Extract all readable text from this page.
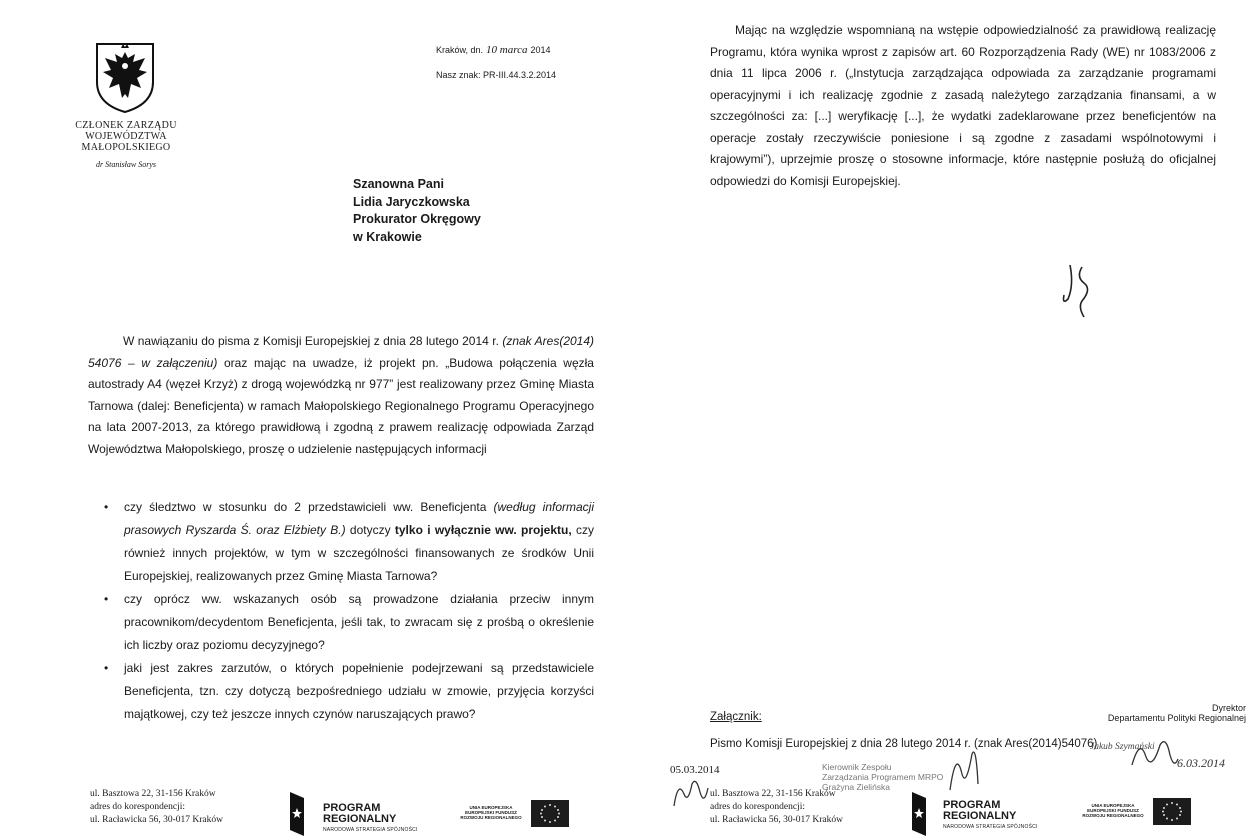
CZŁONEK ZARZĄDU
WOJEWÓDZTWA
MAŁOPOLSKIEGO
dr Stanisław Sorys
Kraków, dn. 10 marca 2014
Nasz znak: PR-III.44.3.2.2014
Szanowna Pani
Lidia Jaryczkowska
Prokurator Okręgowy
w Krakowie

W nawiązaniu do pisma z Komisji Europejskiej z dnia 28 lutego 2014 r. (znak Ares(2014) 54076 – w załączeniu) oraz mając na uwadze, iż projekt pn. „Budowa połączenia węzła autostrady A4 (węzeł Krzyż) z drogą wojewódzką nr 977” jest realizowany przez Gminę Miasta Tarnowa (dalej: Beneficjenta) w ramach Małopolskiego Regionalnego Programu Operacyjnego na lata 2007-2013, za którego prawidłową i zgodną z prawem realizację odpowiada Zarząd Województwa Małopolskiego, proszę o udzielenie następujących informacji

• czy śledztwo w stosunku do 2 przedstawicieli ww. Beneficjenta (według informacji prasowych Ryszarda Ś. oraz Elżbiety B.) dotyczy tylko i wyłącznie ww. projektu, czy również innych projektów, w tym w szczególności finansowanych ze środków Unii Europejskiej, realizowanych przez Gminę Miasta Tarnowa?
• czy oprócz ww. wskazanych osób są prowadzone działania przeciw innym pracownikom/decydentom Beneficjenta, jeśli tak, to zwracam się z prośbą o określenie ich liczby oraz poziomu decyzyjnego?
• jaki jest zakres zarzutów, o których popełnienie podejrzewani są przedstawiciele Beneficjenta, tzn. czy dotyczą bezpośredniego udziału w zmowie, przyjęcia korzyści majątkowej, czy też jeszcze innych czynów naruszających prawo?
ul. Basztowa 22, 31-156 Kraków
adres do korespondencji:
ul. Racławicka 56, 30-017 Kraków
PROGRAM
REGIONALNY
NARODOWA STRATEGIA SPÓJNOŚCI
UNIA EUROPEJSKA
EUROPEJSKI FUNDUSZ
ROZWOJU REGIONALNEGO

Mając na względzie wspomnianą na wstępie odpowiedzialność za prawidłową realizację Programu, która wynika wprost z zapisów art. 60 Rozporządzenia Rady (WE) nr 1083/2006 z dnia 11 lipca 2006 r. („Instytucja zarządzająca odpowiada za zarządzanie programami operacyjnymi i ich realizację zgodnie z zasadą należytego zarządzania finansami, a w szczególności za: [...] weryfikację [...], że wydatki zadeklarowane przez beneficjentów na operacje zostały rzeczywiście poniesione i są zgodne z zasadami wspólnotowymi i krajowymi”), uprzejmie proszę o stosowne informacje, które następnie posłużą do oficjalnej odpowiedzi do Komisji Europejskiej.

Załącznik:
Pismo Komisji Europejskiej z dnia 28 lutego 2014 r. (znak Ares(2014)54076)
Dyrektor
Departamentu Polityki Regionalnej
Jakub Szymański
6.03.2014
05.03.2014	Kierownik Zespołu
Zarządzania Programem MRPO
Grażyna Zielińska
ul. Basztowa 22, 31-156 Kraków
adres do korespondencji:
ul. Racławicka 56, 30-017 Kraków
PROGRAM
REGIONALNY
NARODOWA STRATEGIA SPÓJNOŚCI
UNIA EUROPEJSKA
EUROPEJSKI FUNDUSZ
ROZWOJU REGIONALNEGO
